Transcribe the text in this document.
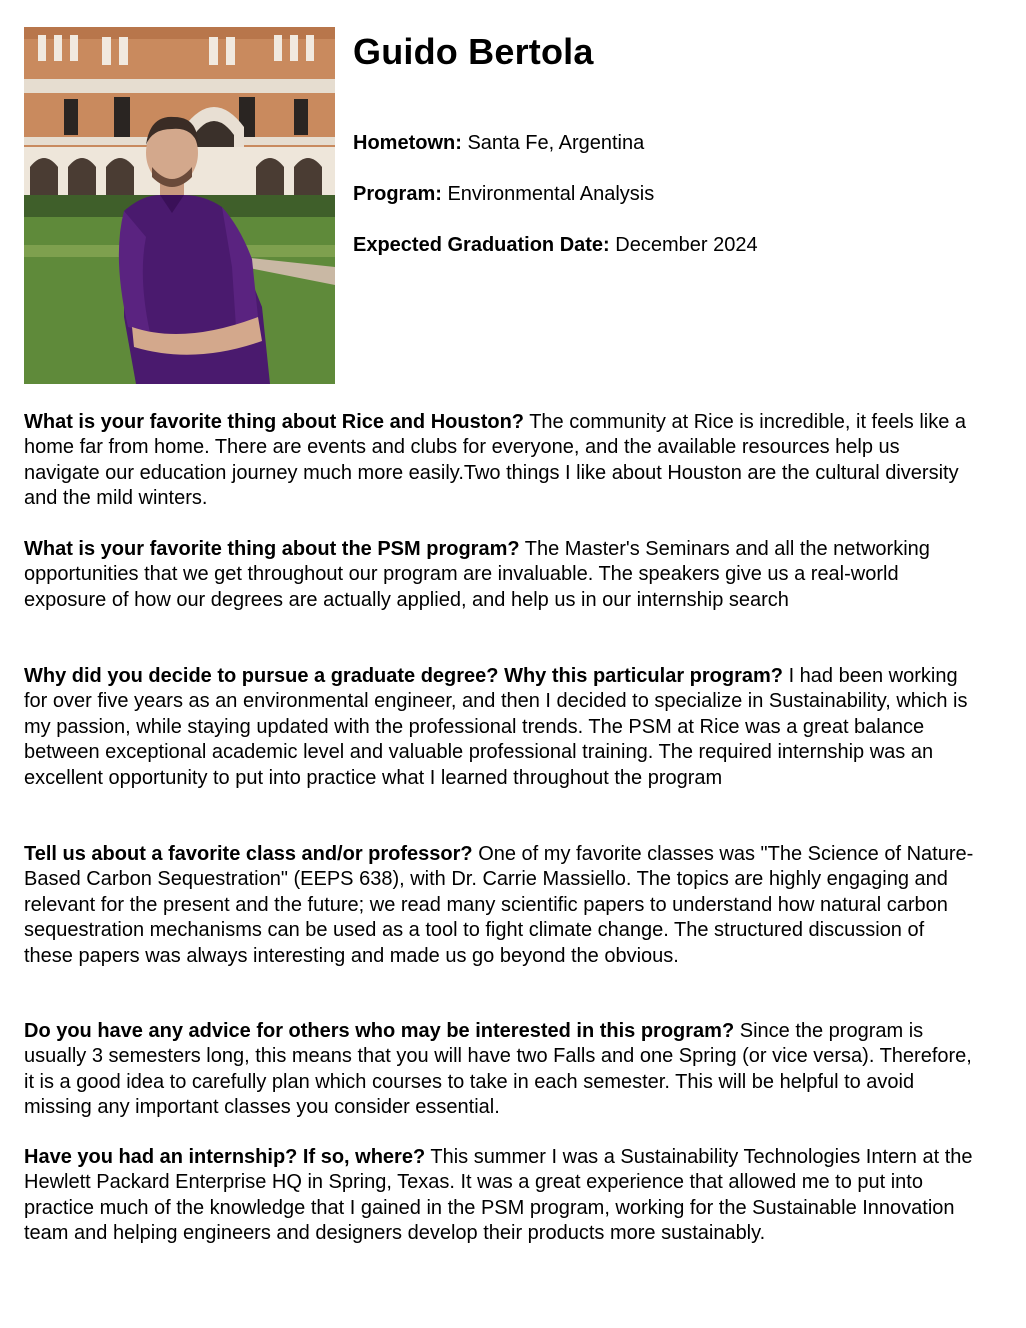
Guido Bertola
Hometown: Santa Fe, Argentina
Program: Environmental Analysis
Expected Graduation Date: December 2024

What is your favorite thing about Rice and Houston? The community at Rice is incredible, it feels like a home far from home. There are events and clubs for everyone, and the available resources help us navigate our education journey much more easily.Two things I like about Houston are the cultural diversity and the mild winters.

What is your favorite thing about the PSM program? The Master's Seminars and all the networking opportunities that we get throughout our program are invaluable. The speakers give us a real-world exposure of how our degrees are actually applied, and help us in our internship search

Why did you decide to pursue a graduate degree? Why this particular program? I had been working for over five years as an environmental engineer, and then I decided to specialize in Sustainability, which is my passion, while staying updated with the professional trends. The PSM at Rice was a great balance between exceptional academic level and valuable professional training. The required internship was an excellent opportunity to put into practice what I learned throughout the program

Tell us about a favorite class and/or professor? One of my favorite classes was "The Science of Nature-Based Carbon Sequestration" (EEPS 638), with Dr. Carrie Massiello. The topics are highly engaging and relevant for the present and the future; we read many scientific papers to understand how natural carbon sequestration mechanisms can be used as a tool to fight climate change. The structured discussion of these papers was always interesting and made us go beyond the obvious.

Do you have any advice for others who may be interested in this program? Since the program is usually 3 semesters long, this means that you will have two Falls and one Spring (or vice versa). Therefore, it is a good idea to carefully plan which courses to take in each semester. This will be helpful to avoid missing any important classes you consider essential.

Have you had an internship? If so, where? This summer I was a Sustainability Technologies Intern at the Hewlett Packard Enterprise HQ in Spring, Texas. It was a great experience that allowed me to put into practice much of the knowledge that I gained in the PSM program, working for the Sustainable Innovation team and helping engineers and designers develop their products more sustainably.
